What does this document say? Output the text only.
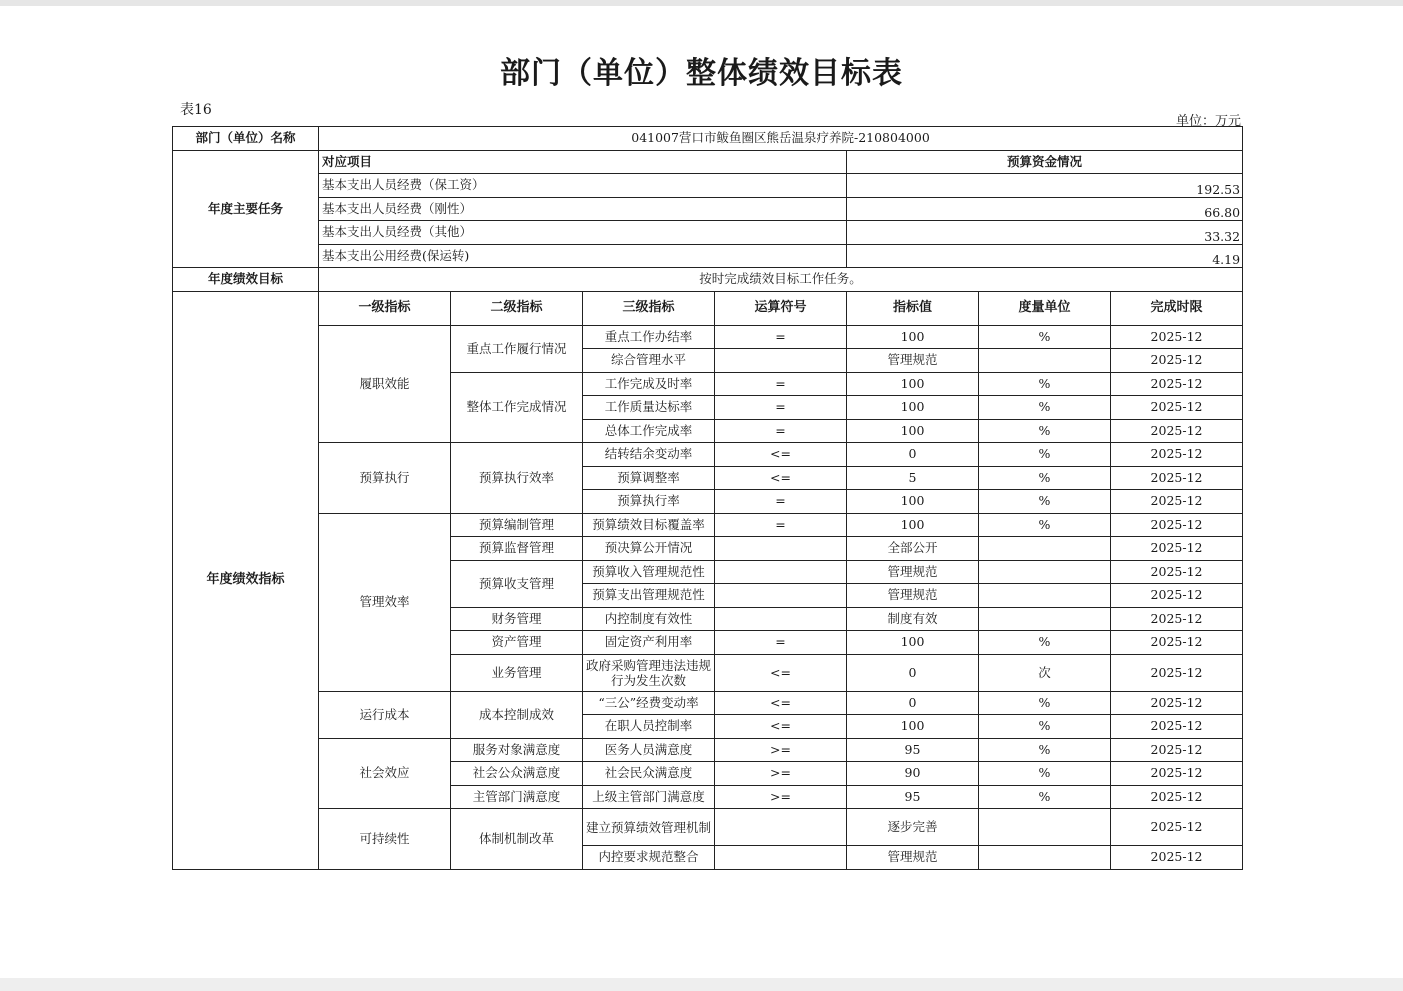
部门（单位）整体绩效目标表
表16
单位：万元
部门（单位）名称	041007营口市鲅鱼圈区熊岳温泉疗养院-210804000						
年度主要任务	对应项目				预算资金情况		
	基本支出人员经费（保工资）				192.53		
	基本支出人员经费（刚性）				66.80		
	基本支出人员经费（其他）				33.32		
	基本支出公用经费(保运转)				4.19		
年度绩效目标	按时完成绩效目标工作任务。						
年度绩效指标	一级指标	二级指标	三级指标	运算符号	指标值	度量单位	完成时限
	履职效能	重点工作履行情况	重点工作办结率	=	100	%	2025-12
			综合管理水平		管理规范		2025-12
		整体工作完成情况	工作完成及时率	=	100	%	2025-12
			工作质量达标率	=	100	%	2025-12
			总体工作完成率	=	100	%	2025-12
	预算执行	预算执行效率	结转结余变动率	<=	0	%	2025-12
			预算调整率	<=	5	%	2025-12
			预算执行率	=	100	%	2025-12
	管理效率	预算编制管理	预算绩效目标覆盖率	=	100	%	2025-12
		预算监督管理	预决算公开情况		全部公开		2025-12
		预算收支管理	预算收入管理规范性		管理规范		2025-12
			预算支出管理规范性		管理规范		2025-12
		财务管理	内控制度有效性		制度有效		2025-12
		资产管理	固定资产利用率	=	100	%	2025-12
		业务管理	政府采购管理违法违规行为发生次数	<=	0	次	2025-12
	运行成本	成本控制成效	“三公”经费变动率	<=	0	%	2025-12
			在职人员控制率	<=	100	%	2025-12
	社会效应	服务对象满意度	医务人员满意度	>=	95	%	2025-12
		社会公众满意度	社会民众满意度	>=	90	%	2025-12
		主管部门满意度	上级主管部门满意度	>=	95	%	2025-12
	可持续性	体制机制改革	建立预算绩效管理机制		逐步完善		2025-12
			内控要求规范整合		管理规范		2025-12
